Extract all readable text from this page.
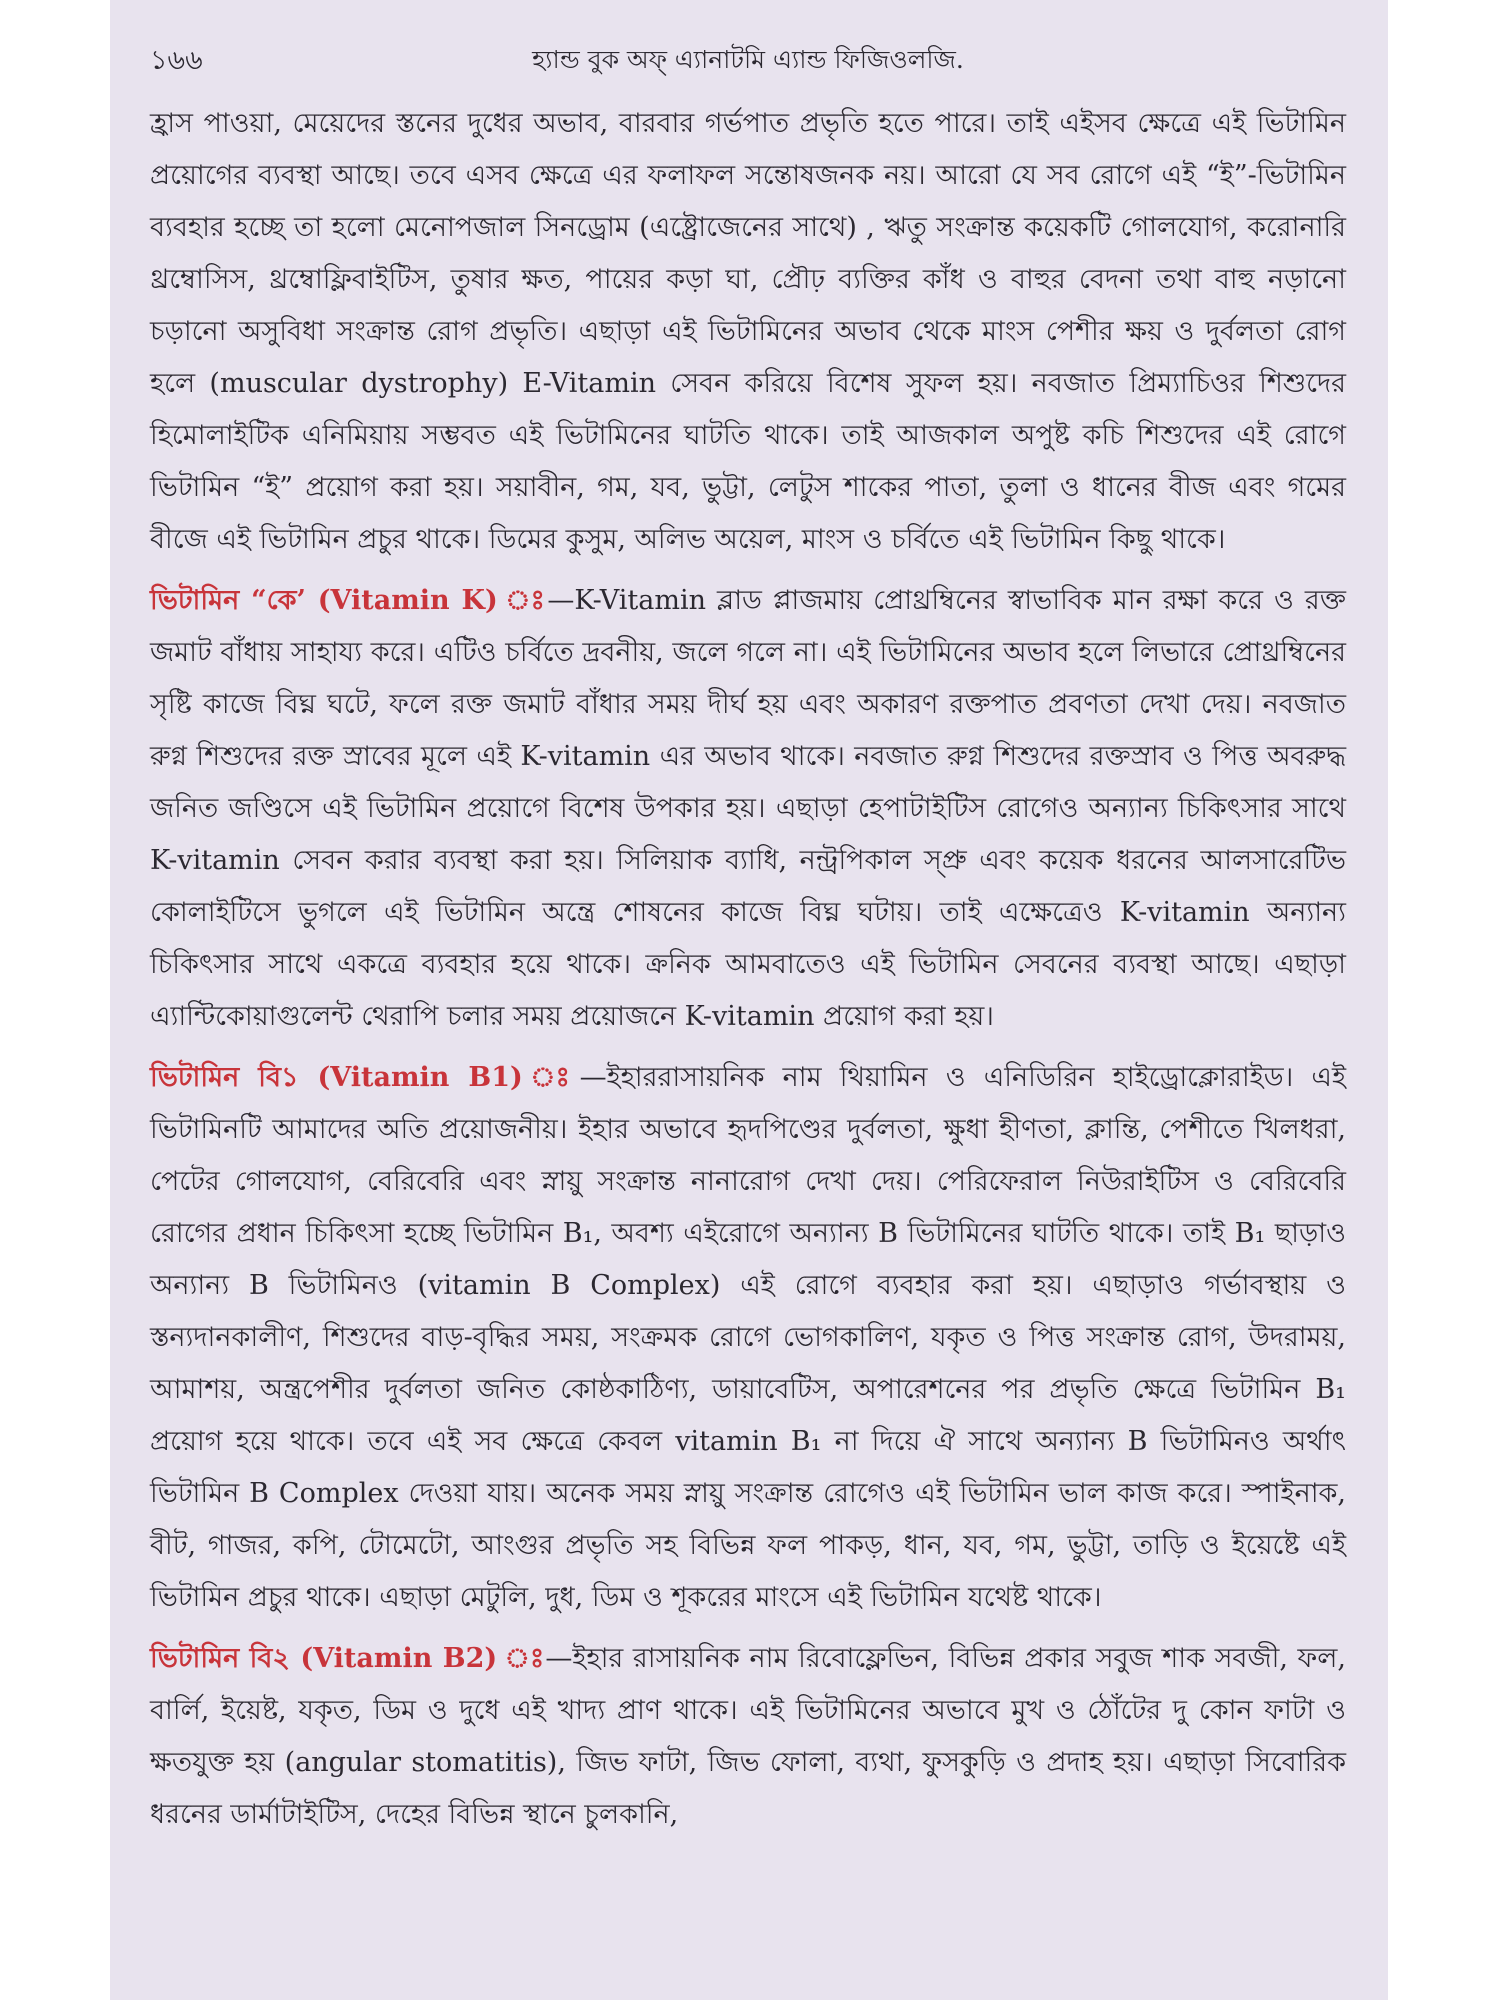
১৬৬	হ্যান্ড বুক অফ্ এ্যানাটমি এ্যান্ড ফিজিওলজি.

হ্রাস পাওয়া, মেয়েদের স্তনের দুধের অভাব, বারবার গর্ভপাত প্রভৃতি হতে পারে। তাই এইসব ক্ষেত্রে এই ভিটামিন প্রয়োগের ব্যবস্থা আছে। তবে এসব ক্ষেত্রে এর ফলাফল সন্তোষজনক নয়। আরো যে সব রোগে এই “ই”-ভিটামিন ব্যবহার হচ্ছে তা হলো মেনোপজাল সিনড্রোম (এষ্ট্রোজেনের সাথে) , ঋতু সংক্রান্ত কয়েকটি গোলযোগ, করোনারি থ্রম্বোসিস, থ্রম্বোফ্লিবাইটিস, তুষার ক্ষত, পায়ের কড়া ঘা, প্রৌঢ় ব্যক্তির কাঁধ ও বাহুর বেদনা তথা বাহু নড়ানো চড়ানো অসুবিধা সংক্রান্ত রোগ প্রভৃতি। এছাড়া এই ভিটামিনের অভাব থেকে মাংস পেশীর ক্ষয় ও দুর্বলতা রোগ হলে (muscular dystrophy) E-Vitamin সেবন করিয়ে বিশেষ সুফল হয়। নবজাত প্রিম্যাচিওর শিশুদের হিমোলাইটিক এনিমিয়ায় সম্ভবত এই ভিটামিনের ঘাটতি থাকে। তাই আজকাল অপুষ্ট কচি শিশুদের এই রোগে ভিটামিন “ই” প্রয়োগ করা হয়। সয়াবীন, গম, যব, ভুট্টা, লেটুস শাকের পাতা, তুলা ও ধানের বীজ এবং গমের বীজে এই ভিটামিন প্রচুর থাকে। ডিমের কুসুম, অলিভ অয়েল, মাংস ও চর্বিতে এই ভিটামিন কিছু থাকে।

ভিটামিন “কে’ (Vitamin K) ঃ—K-Vitamin ব্লাড প্লাজমায় প্রোথ্রম্বিনের স্বাভাবিক মান রক্ষা করে ও রক্ত জমাট বাঁধায় সাহায্য করে। এটিও চর্বিতে দ্রবনীয়, জলে গলে না। এই ভিটামিনের অভাব হলে লিভারে প্রোথ্রম্বিনের সৃষ্টি কাজে বিঘ্ন ঘটে, ফলে রক্ত জমাট বাঁধার সময় দীর্ঘ হয় এবং অকারণ রক্তপাত প্রবণতা দেখা দেয়। নবজাত রুগ্ন শিশুদের রক্ত স্রাবের মূলে এই K-vitamin এর অভাব থাকে। নবজাত রুগ্ন শিশুদের রক্তস্রাব ও পিত্ত অবরুদ্ধ জনিত জণ্ডিসে এই ভিটামিন প্রয়োগে বিশেষ উপকার হয়। এছাড়া হেপাটাইটিস রোগেও অন্যান্য চিকিৎসার সাথে K-vitamin সেবন করার ব্যবস্থা করা হয়। সিলিয়াক ব্যাধি, নন্ট্রপিকাল স্প্রু এবং কয়েক ধরনের আলসারেটিভ কোলাইটিসে ভুগলে এই ভিটামিন অন্ত্রে শোষনের কাজে বিঘ্ন ঘটায়। তাই এক্ষেত্রেও K-vitamin অন্যান্য চিকিৎসার সাথে একত্রে ব্যবহার হয়ে থাকে। ক্রনিক আমবাতেও এই ভিটামিন সেবনের ব্যবস্থা আছে। এছাড়া এ্যান্টিকোয়াগুলেন্ট থেরাপি চলার সময় প্রয়োজনে K-vitamin প্রয়োগ করা হয়।

ভিটামিন বি১ (Vitamin B1) ঃ—ইহাররাসায়নিক নাম থিয়ামিন ও এনিডিরিন হাইড্রোক্লোরাইড। এই ভিটামিনটি আমাদের অতি প্রয়োজনীয়। ইহার অভাবে হৃদপিণ্ডের দুর্বলতা, ক্ষুধা হীণতা, ক্লান্তি, পেশীতে খিলধরা, পেটের গোলযোগ, বেরিবেরি এবং স্নায়ু সংক্রান্ত নানারোগ দেখা দেয়। পেরিফেরাল নিউরাইটিস ও বেরিবেরি রোগের প্রধান চিকিৎসা হচ্ছে ভিটামিন B₁, অবশ্য এইরোগে অন্যান্য B ভিটামিনের ঘাটতি থাকে। তাই B₁ ছাড়াও অন্যান্য B ভিটামিনও (vitamin B Complex) এই রোগে ব্যবহার করা হয়। এছাড়াও গর্ভাবস্থায় ও স্তন্যদানকালীণ, শিশুদের বাড়-বৃদ্ধির সময়, সংক্রমক রোগে ভোগকালিণ, যকৃত ও পিত্ত সংক্রান্ত রোগ, উদরাময়, আমাশয়, অন্ত্রপেশীর দুর্বলতা জনিত কোষ্ঠকাঠিণ্য, ডায়াবেটিস, অপারেশনের পর প্রভৃতি ক্ষেত্রে ভিটামিন B₁ প্রয়োগ হয়ে থাকে। তবে এই সব ক্ষেত্রে কেবল vitamin B₁ না দিয়ে ঐ সাথে অন্যান্য B ভিটামিনও অর্থাৎ ভিটামিন B Complex দেওয়া যায়। অনেক সময় স্নায়ু সংক্রান্ত রোগেও এই ভিটামিন ভাল কাজ করে। স্পাইনাক, বীট, গাজর, কপি, টোমেটো, আংগুর প্রভৃতি সহ বিভিন্ন ফল পাকড়, ধান, যব, গম, ভুট্টা, তাড়ি ও ইয়েষ্টে এই ভিটামিন প্রচুর থাকে। এছাড়া মেটুলি, দুধ, ডিম ও শূকরের মাংসে এই ভিটামিন যথেষ্ট থাকে।

ভিটামিন বি২ (Vitamin B2) ঃ—ইহার রাসায়নিক নাম রিবোফ্লেভিন, বিভিন্ন প্রকার সবুজ শাক সবজী, ফল, বার্লি, ইয়েষ্ট, যকৃত, ডিম ও দুধে এই খাদ্য প্রাণ থাকে। এই ভিটামিনের অভাবে মুখ ও ঠোঁটের দু কোন ফাটা ও ক্ষতযুক্ত হয় (angular stomatitis), জিভ ফাটা, জিভ ফোলা, ব্যথা, ফুসকুড়ি ও প্রদাহ হয়। এছাড়া সিবোরিক ধরনের ডার্মাটাইটিস, দেহের বিভিন্ন স্থানে চুলকানি,
